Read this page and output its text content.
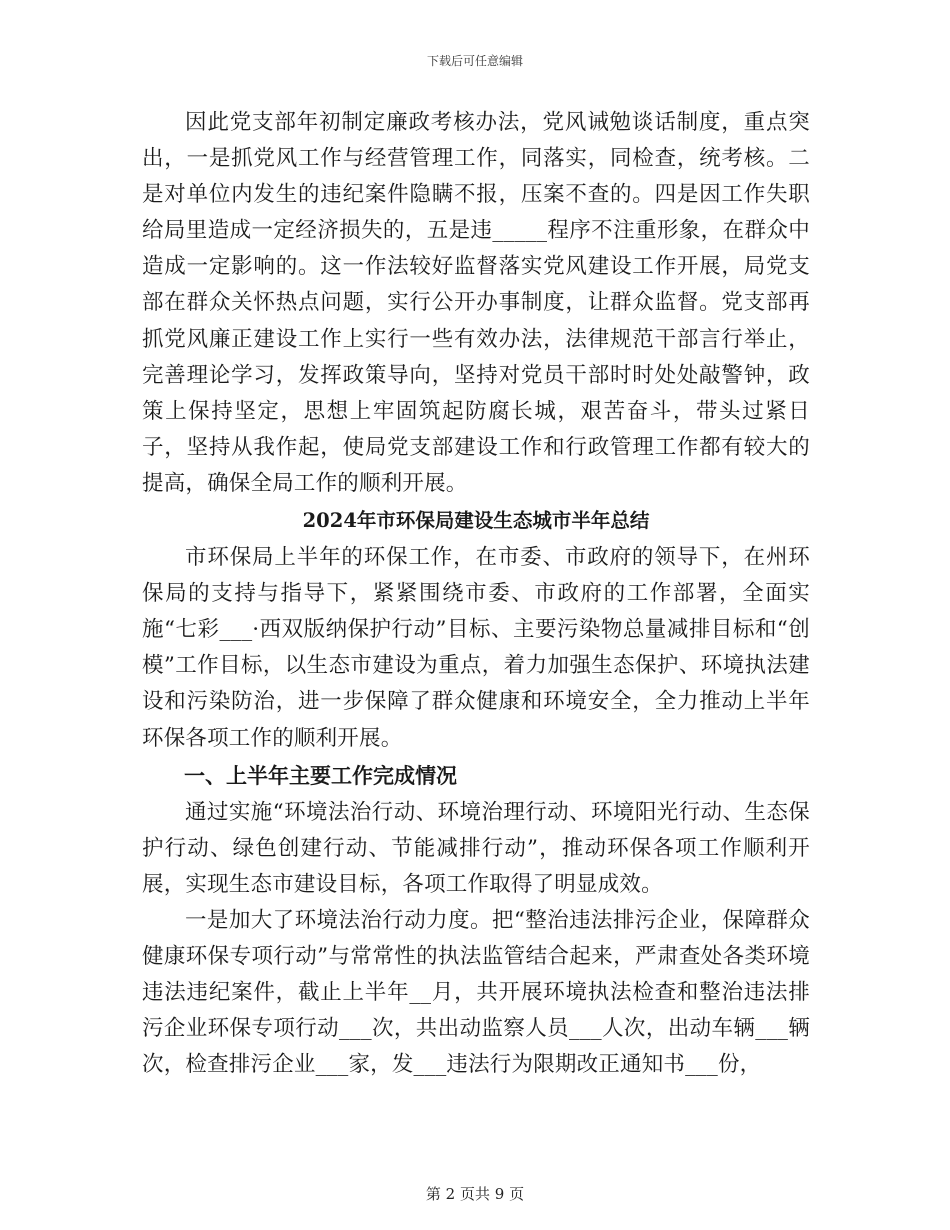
下载后可任意编辑

因此党支部年初制定廉政考核办法，党风诫勉谈话制度，重点突出，一是抓党风工作与经营管理工作，同落实，同检查，统考核。二是对单位内发生的违纪案件隐瞒不报，压案不查的。四是因工作失职给局里造成一定经济损失的，五是违_____程序不注重形象，在群众中造成一定影响的。这一作法较好监督落实党风建设工作开展，局党支部在群众关怀热点问题，实行公开办事制度，让群众监督。党支部再抓党风廉正建设工作上实行一些有效办法，法律规范干部言行举止，完善理论学习，发挥政策导向，坚持对党员干部时时处处敲警钟，政策上保持坚定，思想上牢固筑起防腐长城，艰苦奋斗，带头过紧日子，坚持从我作起，使局党支部建设工作和行政管理工作都有较大的提高，确保全局工作的顺利开展。

2024年市环保局建设生态城市半年总结

市环保局上半年的环保工作，在市委、市政府的领导下，在州环保局的支持与指导下，紧紧围绕市委、市政府的工作部署，全面实施“七彩___·西双版纳保护行动”目标、主要污染物总量减排目标和“创模”工作目标，以生态市建设为重点，着力加强生态保护、环境执法建设和污染防治，进一步保障了群众健康和环境安全，全力推动上半年环保各项工作的顺利开展。

一、上半年主要工作完成情况

通过实施“环境法治行动、环境治理行动、环境阳光行动、生态保护行动、绿色创建行动、节能减排行动”，推动环保各项工作顺利开展，实现生态市建设目标，各项工作取得了明显成效。

一是加大了环境法治行动力度。把“整治违法排污企业，保障群众健康环保专项行动”与常常性的执法监管结合起来，严肃查处各类环境违法违纪案件，截止上半年__月，共开展环境执法检查和整治违法排污企业环保专项行动___次，共出动监察人员___人次，出动车辆___辆次，检查排污企业___家，发___违法行为限期改正通知书___份，

第 2 页共 9 页
